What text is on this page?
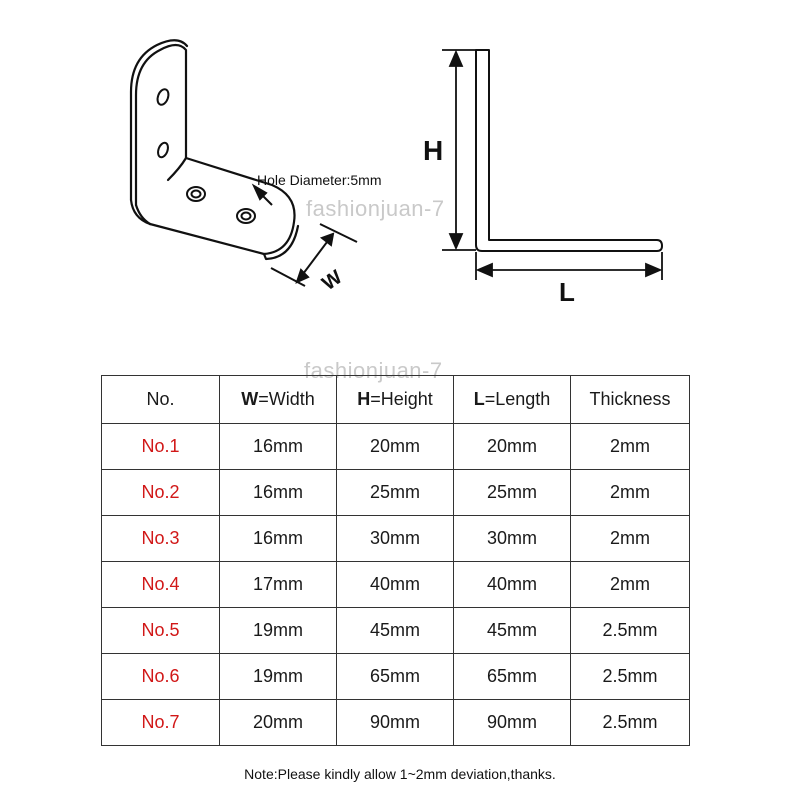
W
Hole Diameter:5mm
H
L
fashionjuan-7
fashionjuan-7
No.	W=Width	H=Height	L=Length	Thickness
No.1	16mm	20mm	20mm	2mm
No.2	16mm	25mm	25mm	2mm
No.3	16mm	30mm	30mm	2mm
No.4	17mm	40mm	40mm	2mm
No.5	19mm	45mm	45mm	2.5mm
No.6	19mm	65mm	65mm	2.5mm
No.7	20mm	90mm	90mm	2.5mm
Note:Please kindly allow 1~2mm deviation,thanks.
